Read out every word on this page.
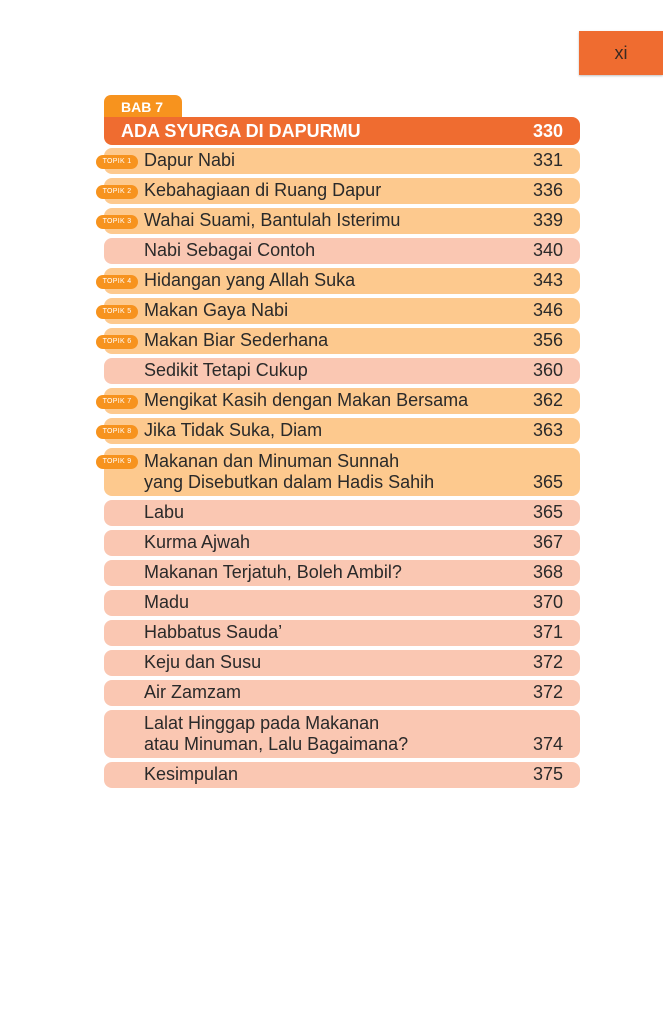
xi
BAB 7
ADA SYURGA DI DAPURMU	330
Dapur Nabi	331
TOPIK 1
Kebahagiaan di Ruang Dapur	336
TOPIK 2
Wahai Suami, Bantulah Isterimu	339
TOPIK 3
Nabi Sebagai Contoh	340
Hidangan yang Allah Suka	343
TOPIK 4
Makan Gaya Nabi	346
TOPIK 5
Makan Biar Sederhana	356
TOPIK 6
Sedikit Tetapi Cukup	360
Mengikat Kasih dengan Makan Bersama	362
TOPIK 7
Jika Tidak Suka, Diam	363
TOPIK 8
Makanan dan Minuman Sunnah
yang Disebutkan dalam Hadis Sahih	365
TOPIK 9
Labu	365
Kurma Ajwah	367
Makanan Terjatuh, Boleh Ambil?	368
Madu	370
Habbatus Sauda’	371
Keju dan Susu	372
Air Zamzam	372
Lalat Hinggap pada Makanan
atau Minuman, Lalu Bagaimana?	374
Kesimpulan	375
